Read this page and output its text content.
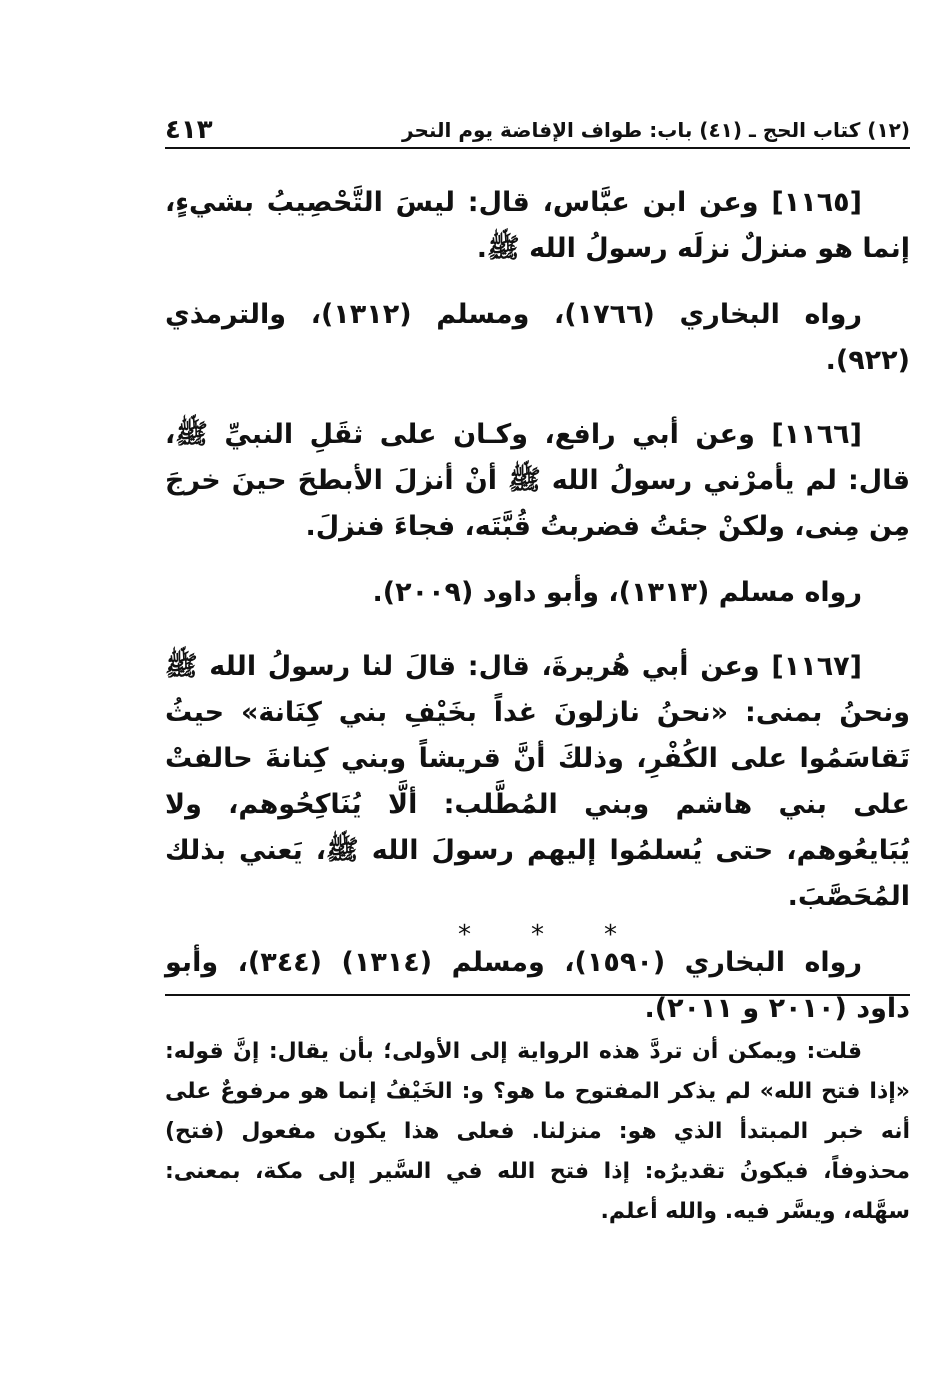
(١٢) كتاب الحج ـ (٤١) باب: طواف الإفاضة يوم النحر
٤١٣

[١١٦٥] وعن ابن عبَّاس، قال: ليسَ التَّحْصِيبُ بشيءٍ، إنما هو منزلٌ نزلَه رسولُ الله ﷺ.

رواه البخاري (١٧٦٦)، ومسلم (١٣١٢)، والترمذي (٩٢٢).

[١١٦٦] وعن أبي رافع، وكـان على ثقَلِ النبيِّ ﷺ، قال: لم يأمرْني رسولُ الله ﷺ أنْ أنزلَ الأبطحَ حينَ خرجَ مِن مِنى، ولكنْ جئتُ فضربتُ قُبَّتَه، فجاءَ فنزلَ.

رواه مسلم (١٣١٣)، وأبو داود (٢٠٠٩).

[١١٦٧] وعن أبي هُريرةَ، قال: قالَ لنا رسولُ الله ﷺ ونحنُ بمنى: «نحنُ نازلونَ غداً بخَيْفِ بني كِنَانة» حيثُ تَقاسَمُوا على الكُفْرِ، وذلكَ أنَّ قريشاً وبني كِنانةَ حالفتْ على بني هاشم وبني المُطَّلب: ألَّا يُنَاكِحُوهم، ولا يُبَايعُوهم، حتى يُسلمُوا إليهم رسولَ الله ﷺ، يَعني بذلك المُحَصَّبَ.

رواه البخاري (١٥٩٠)، ومسلم (١٣١٤) (٣٤٤)، وأبو داود (٢٠١٠ و ٢٠١١).

*
*
*

قلت: ويمكن أن تردَّ هذه الرواية إلى الأولى؛ بأن يقال: إنَّ قوله: «إذا فتح الله» لم يذكر المفتوح ما هو؟ و: الخَيْفُ إنما هو مرفوعٌ على أنه خبر المبتدأ الذي هو: منزلنا. فعلى هذا يكون مفعول (فتح) محذوفاً، فيكونُ تقديرُه: إذا فتح الله في السَّير إلى مكة، بمعنى: سهَّله، ويسَّر فيه. والله أعلم.
